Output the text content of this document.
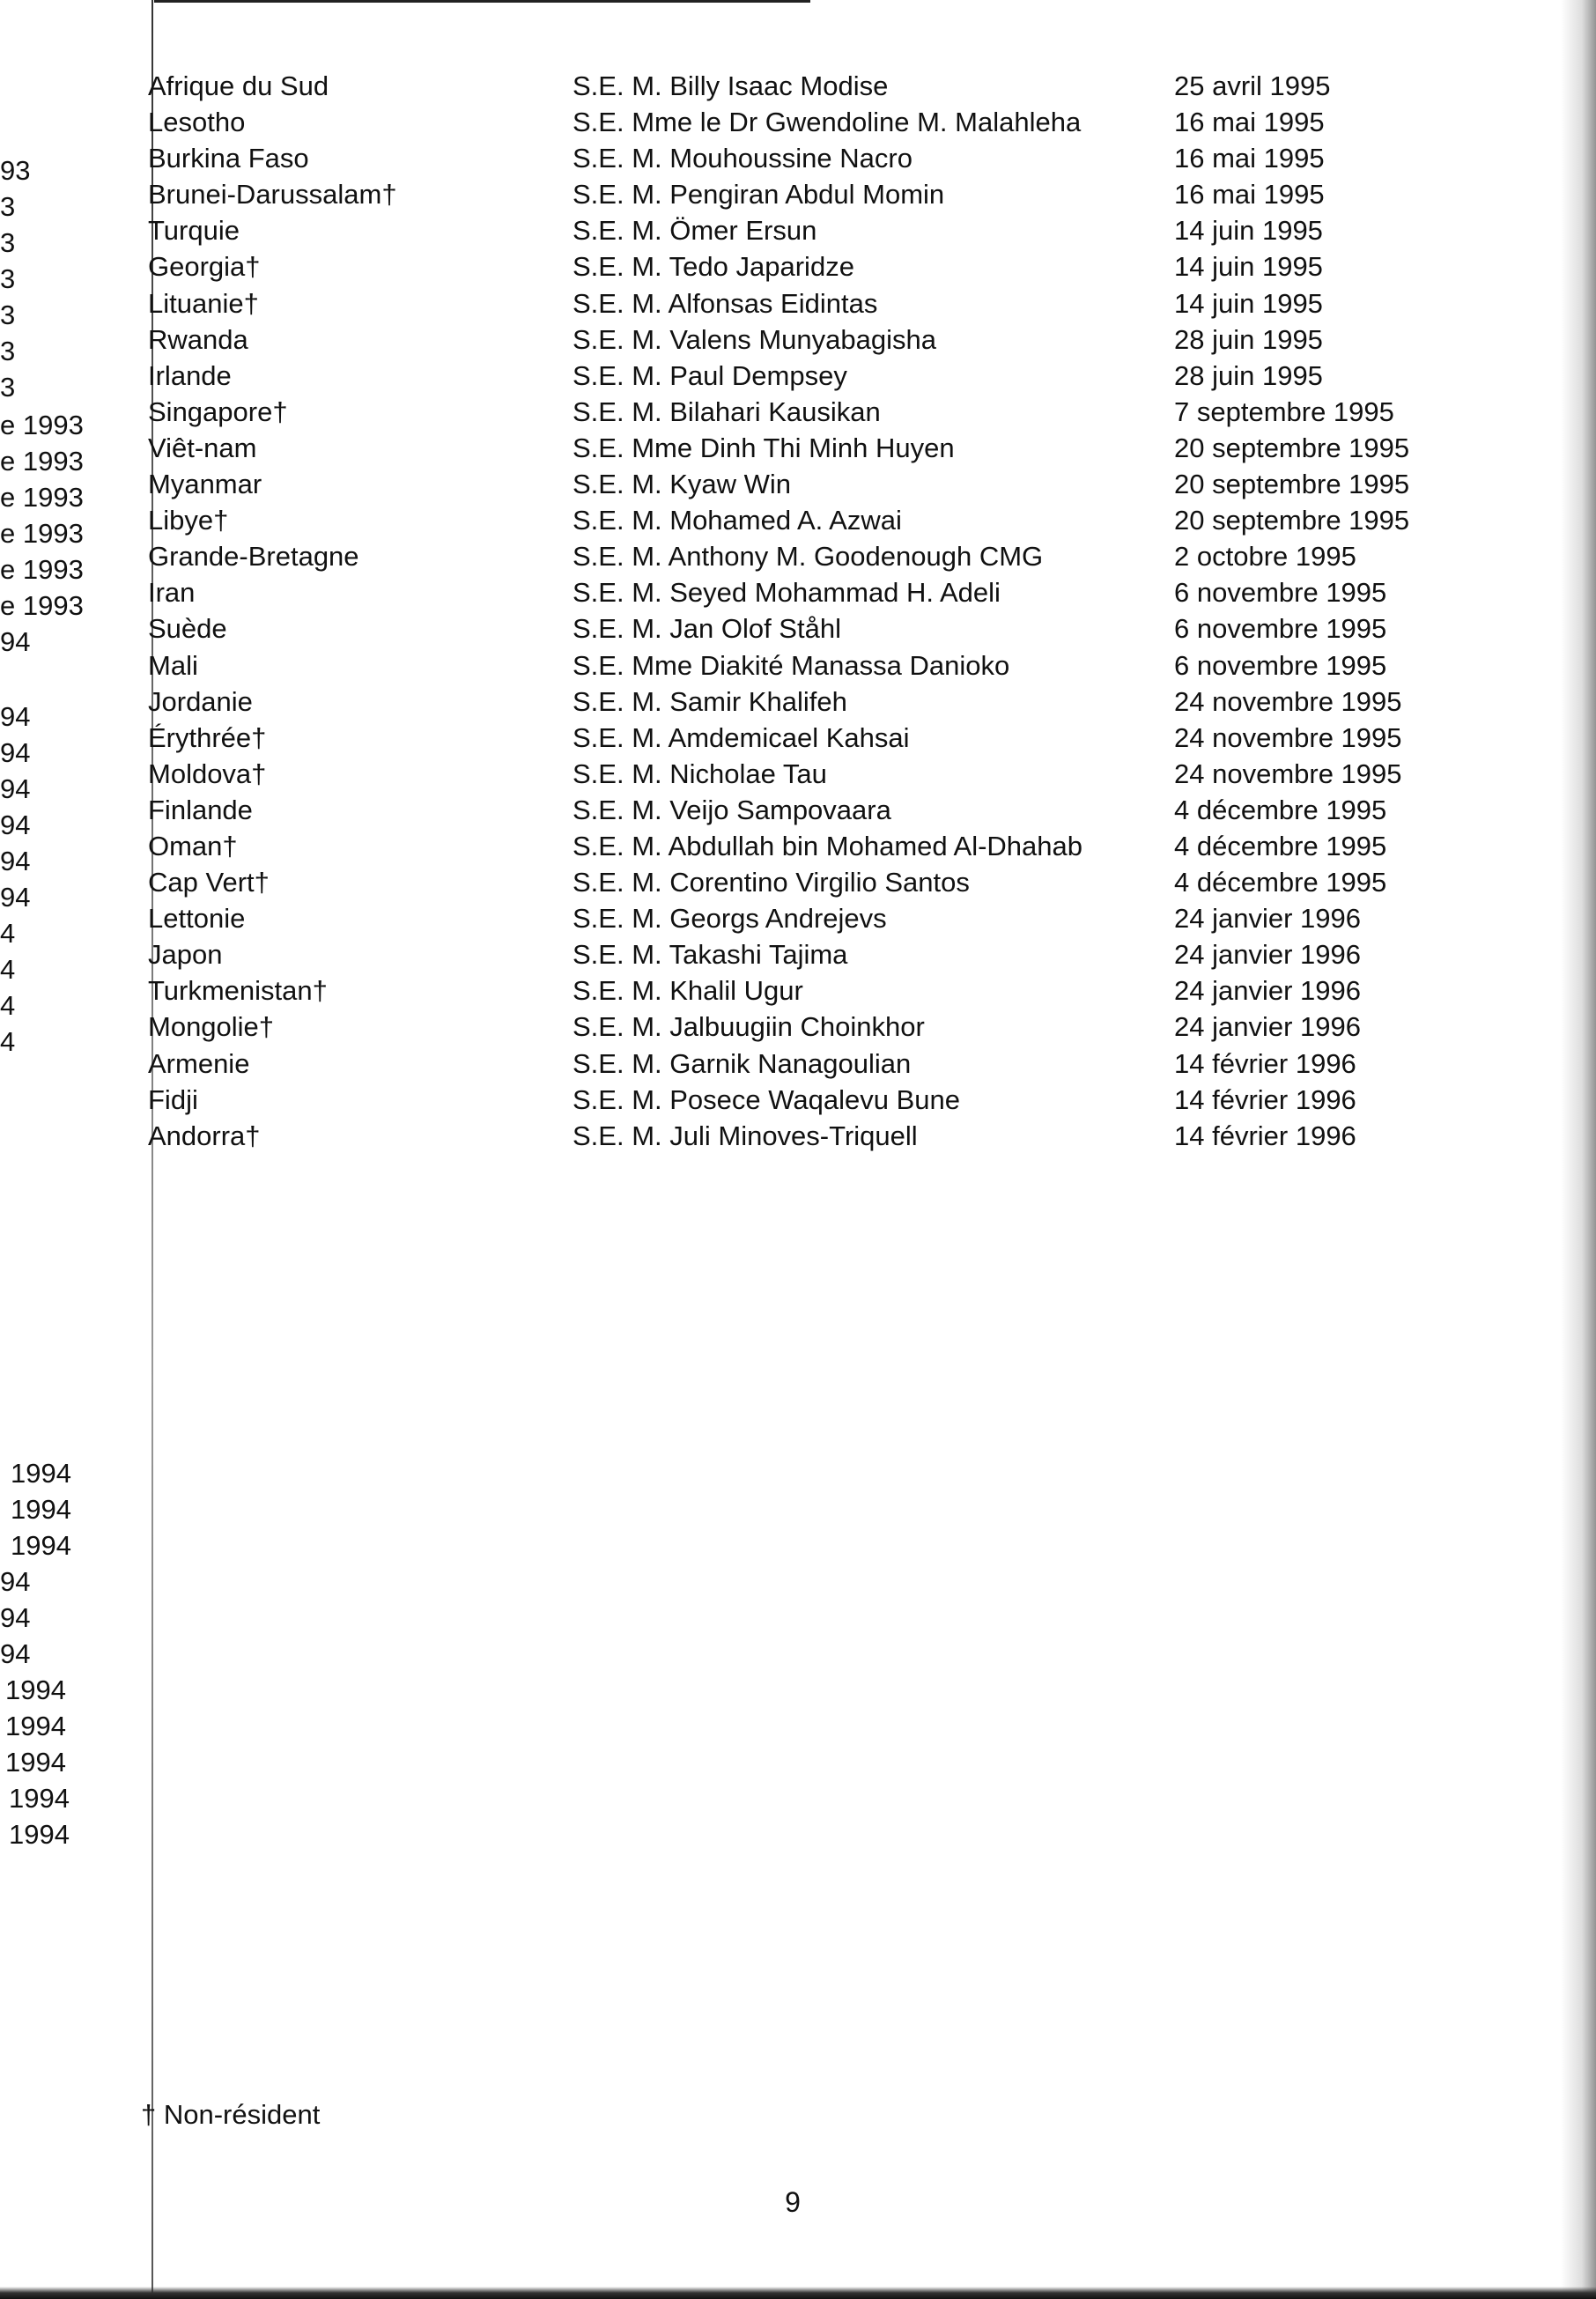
93
3
3
3
3
3
3
e 1993
e 1993
e 1993
e 1993
e 1993
e 1993
94
94
94
94
94
94
94
4
4
4
4
1994
1994
1994
94
94
94
1994
1994
1994
1994
1994
Afrique du Sud	S.E. M. Billy Isaac Modise	25 avril 1995
Lesotho	S.E. Mme le Dr Gwendoline M. Malahleha	16 mai 1995
Burkina Faso	S.E. M. Mouhoussine Nacro	16 mai 1995
Brunei-Darussalam†	S.E. M. Pengiran Abdul Momin	16 mai 1995
Turquie	S.E. M. Ömer Ersun	14 juin 1995
Georgia†	S.E. M. Tedo Japaridze	14 juin 1995
Lituanie†	S.E. M. Alfonsas Eidintas	14 juin 1995
Rwanda	S.E. M. Valens Munyabagisha	28 juin 1995
Irlande	S.E. M. Paul Dempsey	28 juin 1995
Singapore†	S.E. M. Bilahari Kausikan	7 septembre 1995
Viêt-nam	S.E. Mme Dinh Thi Minh Huyen	20 septembre 1995
Myanmar	S.E. M. Kyaw Win	20 septembre 1995
Libye†	S.E. M. Mohamed A. Azwai	20 septembre 1995
Grande-Bretagne	S.E. M. Anthony M. Goodenough CMG	2 octobre 1995
Iran	S.E. M. Seyed Mohammad H. Adeli	6 novembre 1995
Suède	S.E. M. Jan Olof Ståhl	6 novembre 1995
Mali	S.E. Mme Diakité Manassa Danioko	6 novembre 1995
Jordanie	S.E. M. Samir Khalifeh	24 novembre 1995
Érythrée†	S.E. M. Amdemicael Kahsai	24 novembre 1995
Moldova†	S.E. M. Nicholae Tau	24 novembre 1995
Finlande	S.E. M. Veijo Sampovaara	4 décembre 1995
Oman†	S.E. M. Abdullah bin Mohamed Al-Dhahab	4 décembre 1995
Cap Vert†	S.E. M. Corentino Virgilio Santos	4 décembre 1995
Lettonie	S.E. M. Georgs Andrejevs	24 janvier 1996
Japon	S.E. M. Takashi Tajima	24 janvier 1996
Turkmenistan†	S.E. M. Khalil Ugur	24 janvier 1996
Mongolie†	S.E. M. Jalbuugiin Choinkhor	24 janvier 1996
Armenie	S.E. M. Garnik Nanagoulian	14 février 1996
Fidji	S.E. M. Posece Waqalevu Bune	14 février 1996
Andorra†	S.E. M. Juli Minoves-Triquell	14 février 1996
† Non-résident
9
